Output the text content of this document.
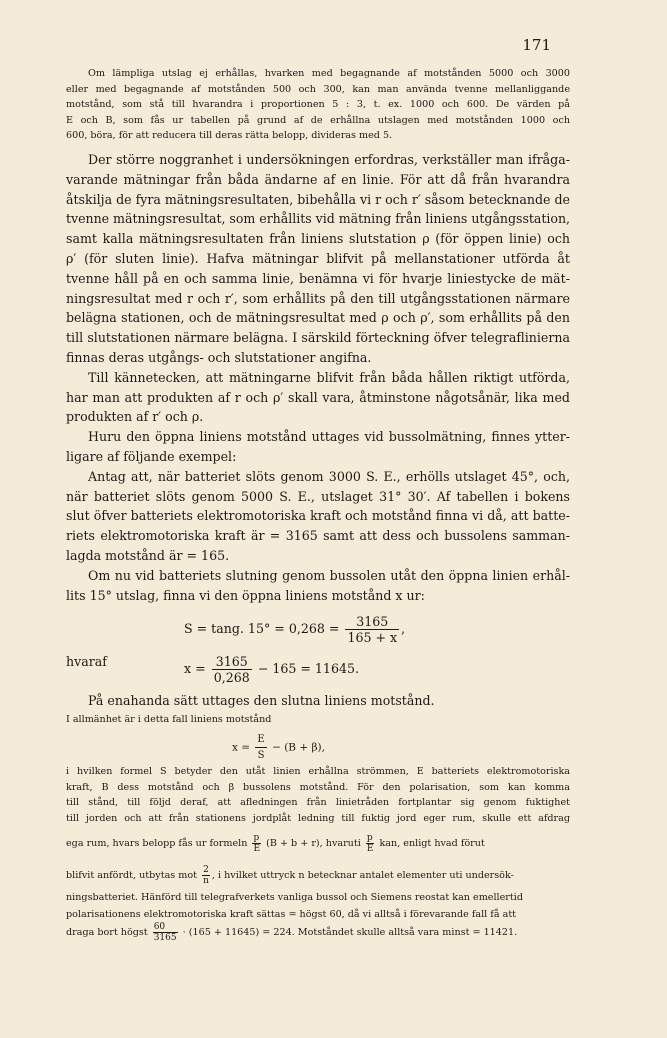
171
Om lämpliga utslag ej erhållas, hvarken med begagnande af motstånden 5000 och 3000
eller med begagnande af motstånden 500 och 300, kan man använda tvenne mellanliggande
motstånd, som stå till hvarandra i proportionen 5 : 3, t. ex. 1000 och 600. De värden på
E och B, som fås ur tabellen på grund af de erhållna utslagen med motstånden 1000 och
600, böra, för att reducera till deras rätta belopp, divideras med 5.
Der större noggranhet i undersökningen erfordras, verkställer man ifråga-
varande mätningar från båda ändarne af en linie. För att då från hvarandra
åtskilja de fyra mätningsresultaten, bibehålla vi r och r′ såsom betecknande de
tvenne mätningsresultat, som erhållits vid mätning från liniens utgångsstation,
samt kalla mätningsresultaten från liniens slutstation ρ (för öppen linie) och
ρ′ (för sluten linie). Hafva mätningar blifvit på mellanstationer utförda åt
tvenne håll på en och samma linie, benämna vi för hvarje liniestycke de mät-
ningsresultat med r och r′, som erhållits på den till utgångsstationen närmare
belägna stationen, och de mätningsresultat med ρ och ρ′, som erhållits på den
till slutstationen närmare belägna. I särskild förteckning öfver telegraflinierna
finnas deras utgångs- och slutstationer angifna.
Till kännetecken, att mätningarne blifvit från båda hållen riktigt utförda,
har man att produkten af r och ρ′ skall vara, åtminstone någotsånär, lika med
produkten af r′ och ρ.
Huru den öppna liniens motstånd uttages vid bussolmätning, finnes ytter-
ligare af följande exempel:
Antag att, när batteriet slöts genom 3000 S. E., erhölls utslaget 45°, och,
när batteriet slöts genom 5000 S. E., utslaget 31° 30′. Af tabellen i bokens
slut öfver batteriets elektromotoriska kraft och motstånd finna vi då, att batte-
riets elektromotoriska kraft är = 3165 samt att dess och bussolens samman-
lagda motstånd är = 165.
Om nu vid batteriets slutning genom bussolen utåt den öppna linien erhål-
lits 15° utslag, finna vi den öppna liniens motstånd x ur:
S = tang. $15^\circ = 0,268 = \frac{3165}{165 + x}$ ,
hvaraf	$x = \frac{3165}{0,268} - 165 = 11645$.
På enahanda sätt uttages den slutna liniens motstånd.
I allmänhet är i detta fall liniens motstånd
$x = \frac{E}{S} - (B + \beta)$,
i hvilken formel S betyder den utåt linien erhållna strömmen, E batteriets elektromotoriska
kraft, B dess motstånd och β bussolens motstånd. För den polarisation, som kan komma
till stånd, till följd deraf, att afledningen från linietråden fortplantar sig genom fuktighet
till jorden och att från stationens jordplåt ledning till fuktig jord eger rum, skulle ett afdrag
ega rum, hvars belopp fås ur formeln $\frac{p}{E} (B + b + r)$, hvaruti $\frac{p}{E}$ kan, enligt hvad förut
blifvit anfördt, utbytas mot $\frac{2}{n}$ , i hvilket uttryck n betecknar antalet elementer uti undersök-
ningsbatteriet. Hänförd till telegrafverkets vanliga bussol och Siemens reostat kan emellertid
polarisationens elektromotoriska kraft sättas = högst 60, då vi alltså i förevarande fall få att
draga bort högst $\frac{60}{3165} \cdot (165 + 11645) = 224$. Motståndet skulle alltså vara minst = 11421.
